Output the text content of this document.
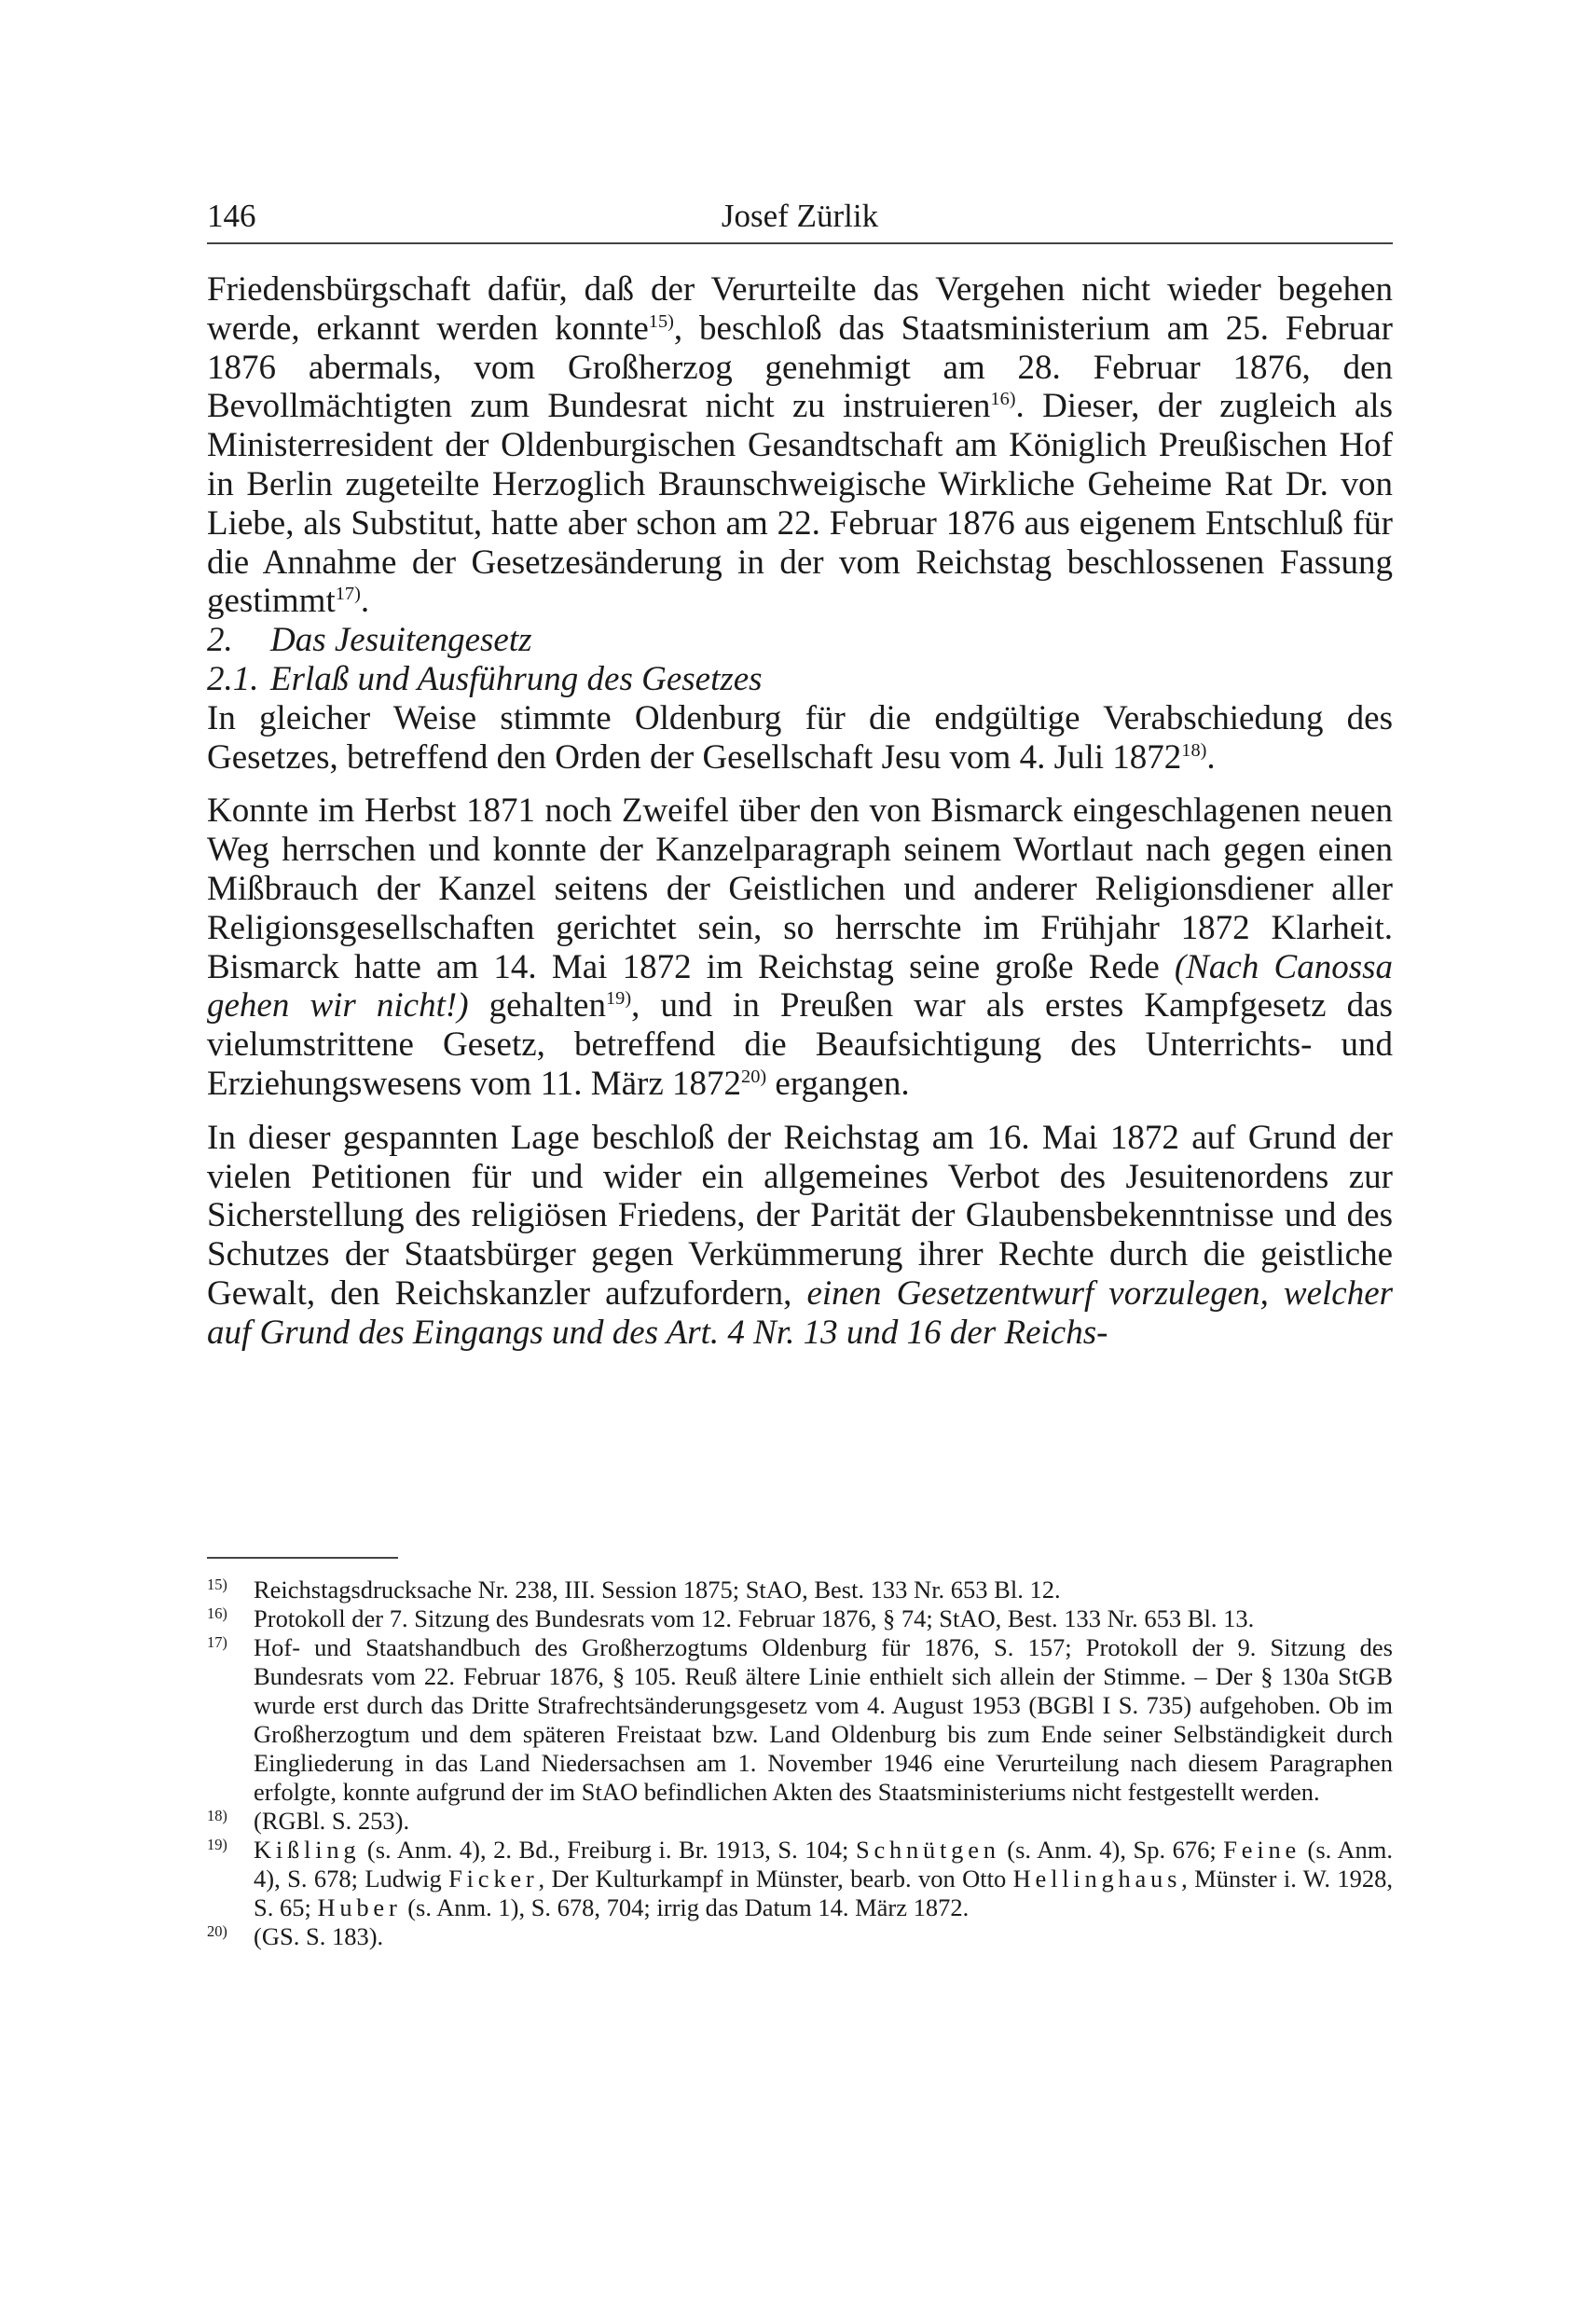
146	Josef Zürlik

Friedensbürgschaft dafür, daß der Verurteilte das Vergehen nicht wieder begehen werde, erkannt werden konnte$^{15)}$, beschloß das Staatsministerium am 25. Februar 1876 abermals, vom Großherzog genehmigt am 28. Februar 1876, den Bevollmächtigten zum Bundesrat nicht zu instruieren$^{16)}$. Dieser, der zugleich als Ministerresident der Oldenburgischen Gesandtschaft am Königlich Preußischen Hof in Berlin zugeteilte Herzoglich Braunschweigische Wirkliche Geheime Rat Dr. von Liebe, als Substitut, hatte aber schon am 22. Februar 1876 aus eigenem Entschluß für die Annahme der Gesetzesänderung in der vom Reichstag beschlossenen Fassung gestimmt$^{17)}$.

2. Das Jesuitengesetz

2.1. Erlaß und Ausführung des Gesetzes

In gleicher Weise stimmte Oldenburg für die endgültige Verabschiedung des Gesetzes, betreffend den Orden der Gesellschaft Jesu vom 4. Juli 1872$^{18)}$.

Konnte im Herbst 1871 noch Zweifel über den von Bismarck eingeschlagenen neuen Weg herrschen und konnte der Kanzelparagraph seinem Wortlaut nach gegen einen Mißbrauch der Kanzel seitens der Geistlichen und anderer Religionsdiener aller Religionsgesellschaften gerichtet sein, so herrschte im Frühjahr 1872 Klarheit. Bismarck hatte am 14. Mai 1872 im Reichstag seine große Rede (Nach Canossa gehen wir nicht!) gehalten$^{19)}$, und in Preußen war als erstes Kampfgesetz das vielumstrittene Gesetz, betreffend die Beaufsichtigung des Unterrichts- und Erziehungswesens vom 11. März 1872$^{20)}$ ergangen.

In dieser gespannten Lage beschloß der Reichstag am 16. Mai 1872 auf Grund der vielen Petitionen für und wider ein allgemeines Verbot des Jesuitenordens zur Sicherstellung des religiösen Friedens, der Parität der Glaubensbekenntnisse und des Schutzes der Staatsbürger gegen Verkümmerung ihrer Rechte durch die geistliche Gewalt, den Reichskanzler aufzufordern, einen Gesetzentwurf vorzulegen, welcher auf Grund des Eingangs und des Art. 4 Nr. 13 und 16 der Reichs-

$^{15)}$	Reichstagsdrucksache Nr. 238, III. Session 1875; StAO, Best. 133 Nr. 653 Bl. 12.
$^{16)}$	Protokoll der 7. Sitzung des Bundesrats vom 12. Februar 1876, § 74; StAO, Best. 133 Nr. 653 Bl. 13.
$^{17)}$	Hof- und Staatshandbuch des Großherzogtums Oldenburg für 1876, S. 157; Protokoll der 9. Sitzung des Bundesrats vom 22. Februar 1876, § 105. Reuß ältere Linie enthielt sich allein der Stimme. – Der § 130a StGB wurde erst durch das Dritte Strafrechtsänderungsgesetz vom 4. August 1953 (BGBl I S. 735) aufgehoben. Ob im Großherzogtum und dem späteren Freistaat bzw. Land Oldenburg bis zum Ende seiner Selbständigkeit durch Eingliederung in das Land Niedersachsen am 1. November 1946 eine Verurteilung nach diesem Paragraphen erfolgte, konnte aufgrund der im StAO befindlichen Akten des Staatsministeriums nicht festgestellt werden.
$^{18)}$	(RGBl. S. 253).
$^{19)}$	Kißling (s. Anm. 4), 2. Bd., Freiburg i. Br. 1913, S. 104; Schnütgen (s. Anm. 4), Sp. 676; Feine (s. Anm. 4), S. 678; Ludwig Ficker, Der Kulturkampf in Münster, bearb. von Otto Hellinghaus, Münster i. W. 1928, S. 65; Huber (s. Anm. 1), S. 678, 704; irrig das Datum 14. März 1872.
$^{20)}$	(GS. S. 183).
